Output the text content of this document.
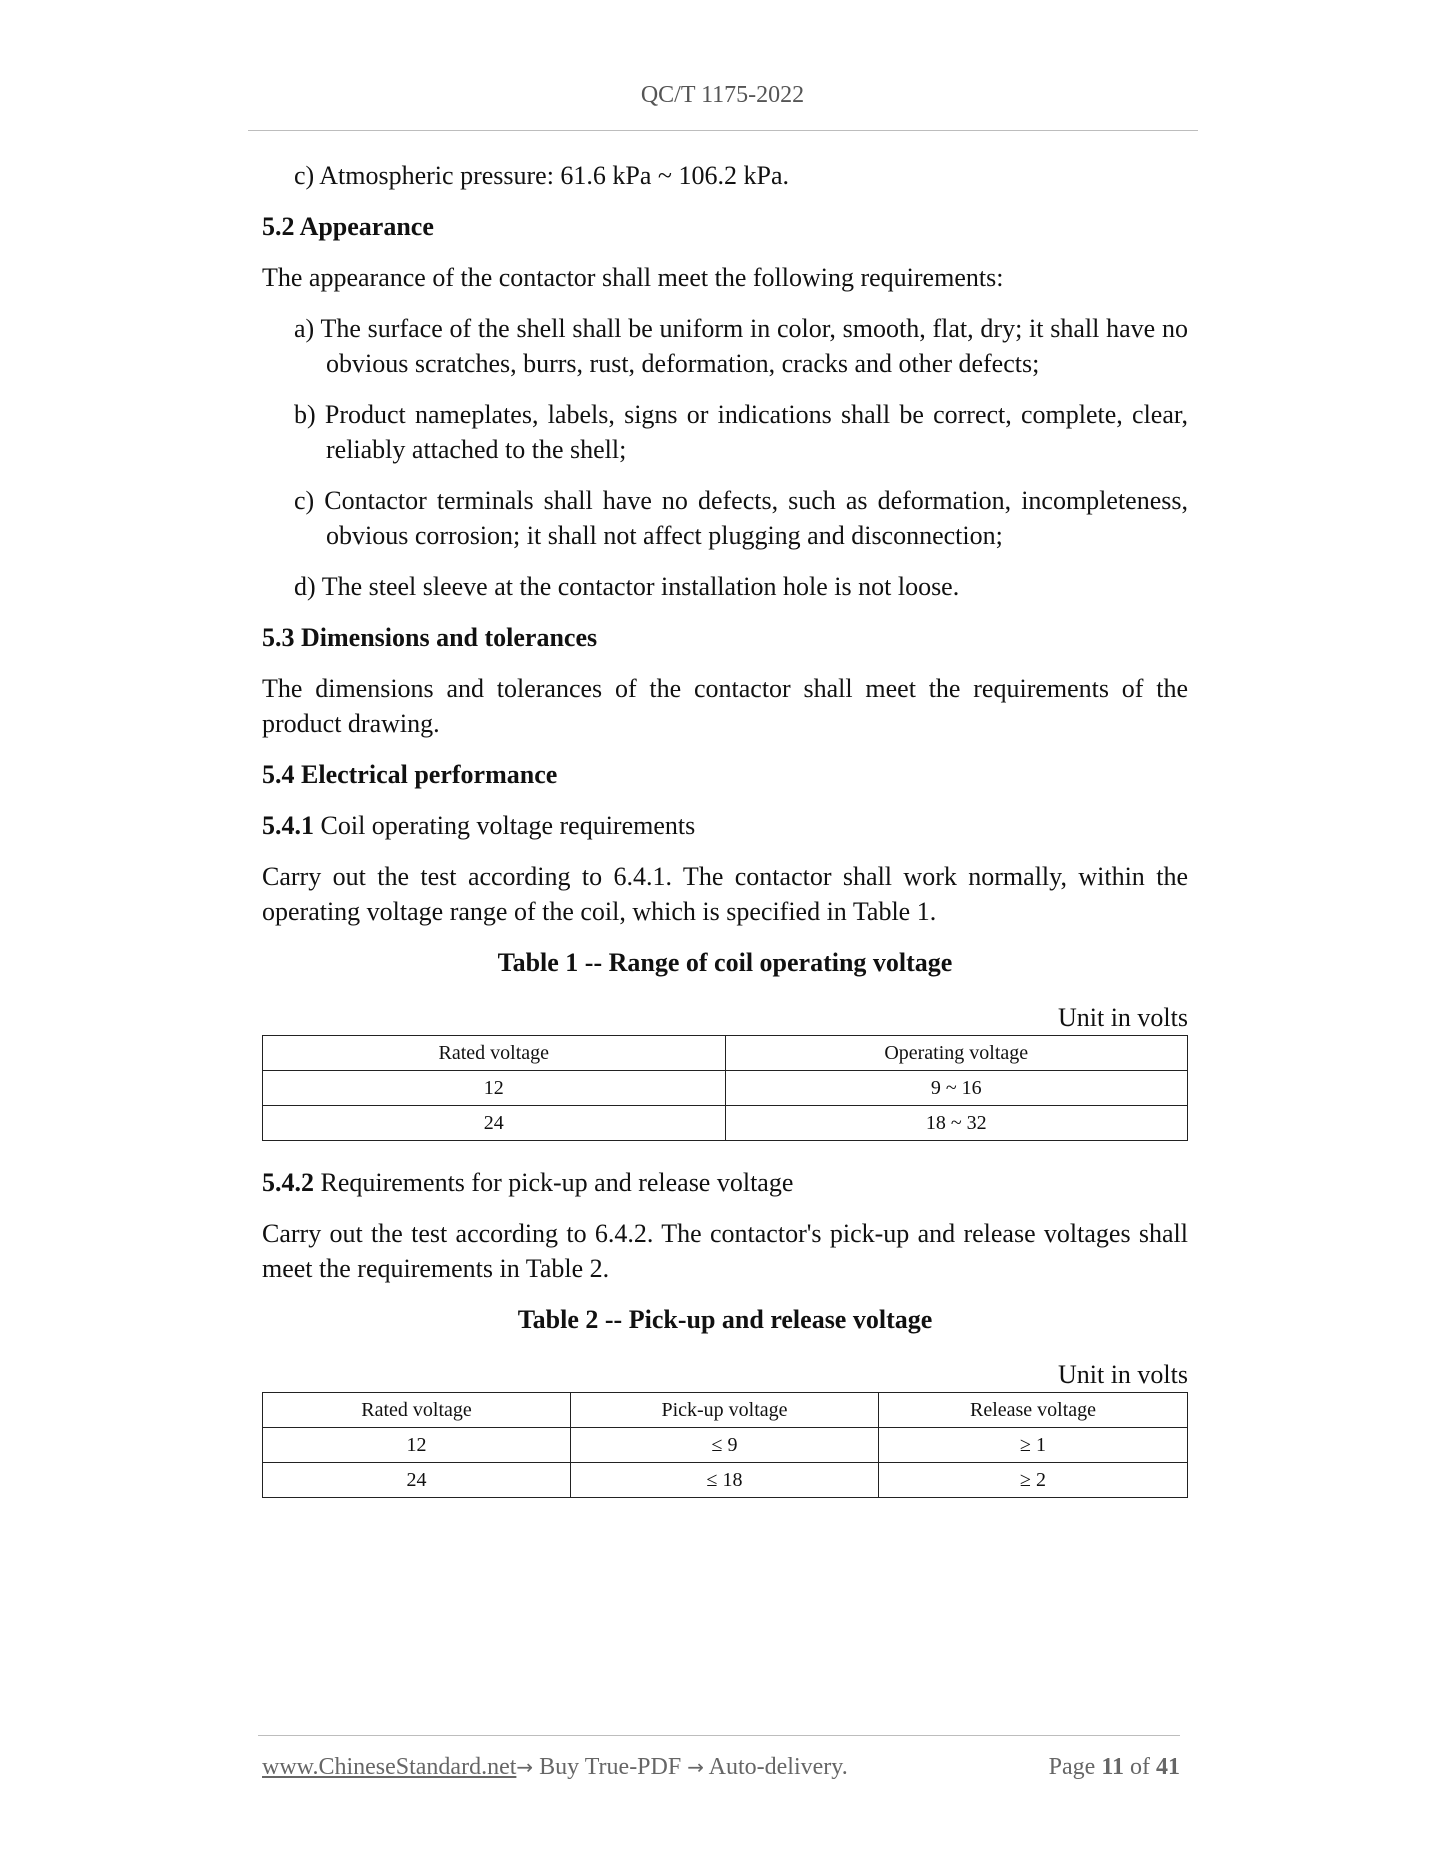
QC/T 1175-2022

c) Atmospheric pressure: 61.6 kPa ~ 106.2 kPa.

5.2 Appearance

The appearance of the contactor shall meet the following requirements:

a) The surface of the shell shall be uniform in color, smooth, flat, dry; it shall have no obvious scratches, burrs, rust, deformation, cracks and other defects;

b) Product nameplates, labels, signs or indications shall be correct, complete, clear, reliably attached to the shell;

c) Contactor terminals shall have no defects, such as deformation, incompleteness, obvious corrosion; it shall not affect plugging and disconnection;

d) The steel sleeve at the contactor installation hole is not loose.

5.3 Dimensions and tolerances

The dimensions and tolerances of the contactor shall meet the requirements of the product drawing.

5.4 Electrical performance

5.4.1 Coil operating voltage requirements

Carry out the test according to 6.4.1. The contactor shall work normally, within the operating voltage range of the coil, which is specified in Table 1.

Table 1 -- Range of coil operating voltage

Unit in volts

Rated voltage	Operating voltage
12	9 ~ 16
24	18 ~ 32

5.4.2 Requirements for pick-up and release voltage

Carry out the test according to 6.4.2. The contactor's pick-up and release voltages shall meet the requirements in Table 2.

Table 2 -- Pick-up and release voltage

Unit in volts

Rated voltage	Pick-up voltage	Release voltage
12	≤ 9	≥ 1
24	≤ 18	≥ 2
www.ChineseStandard.net→ Buy True-PDF → Auto-delivery.	Page 11 of 41
